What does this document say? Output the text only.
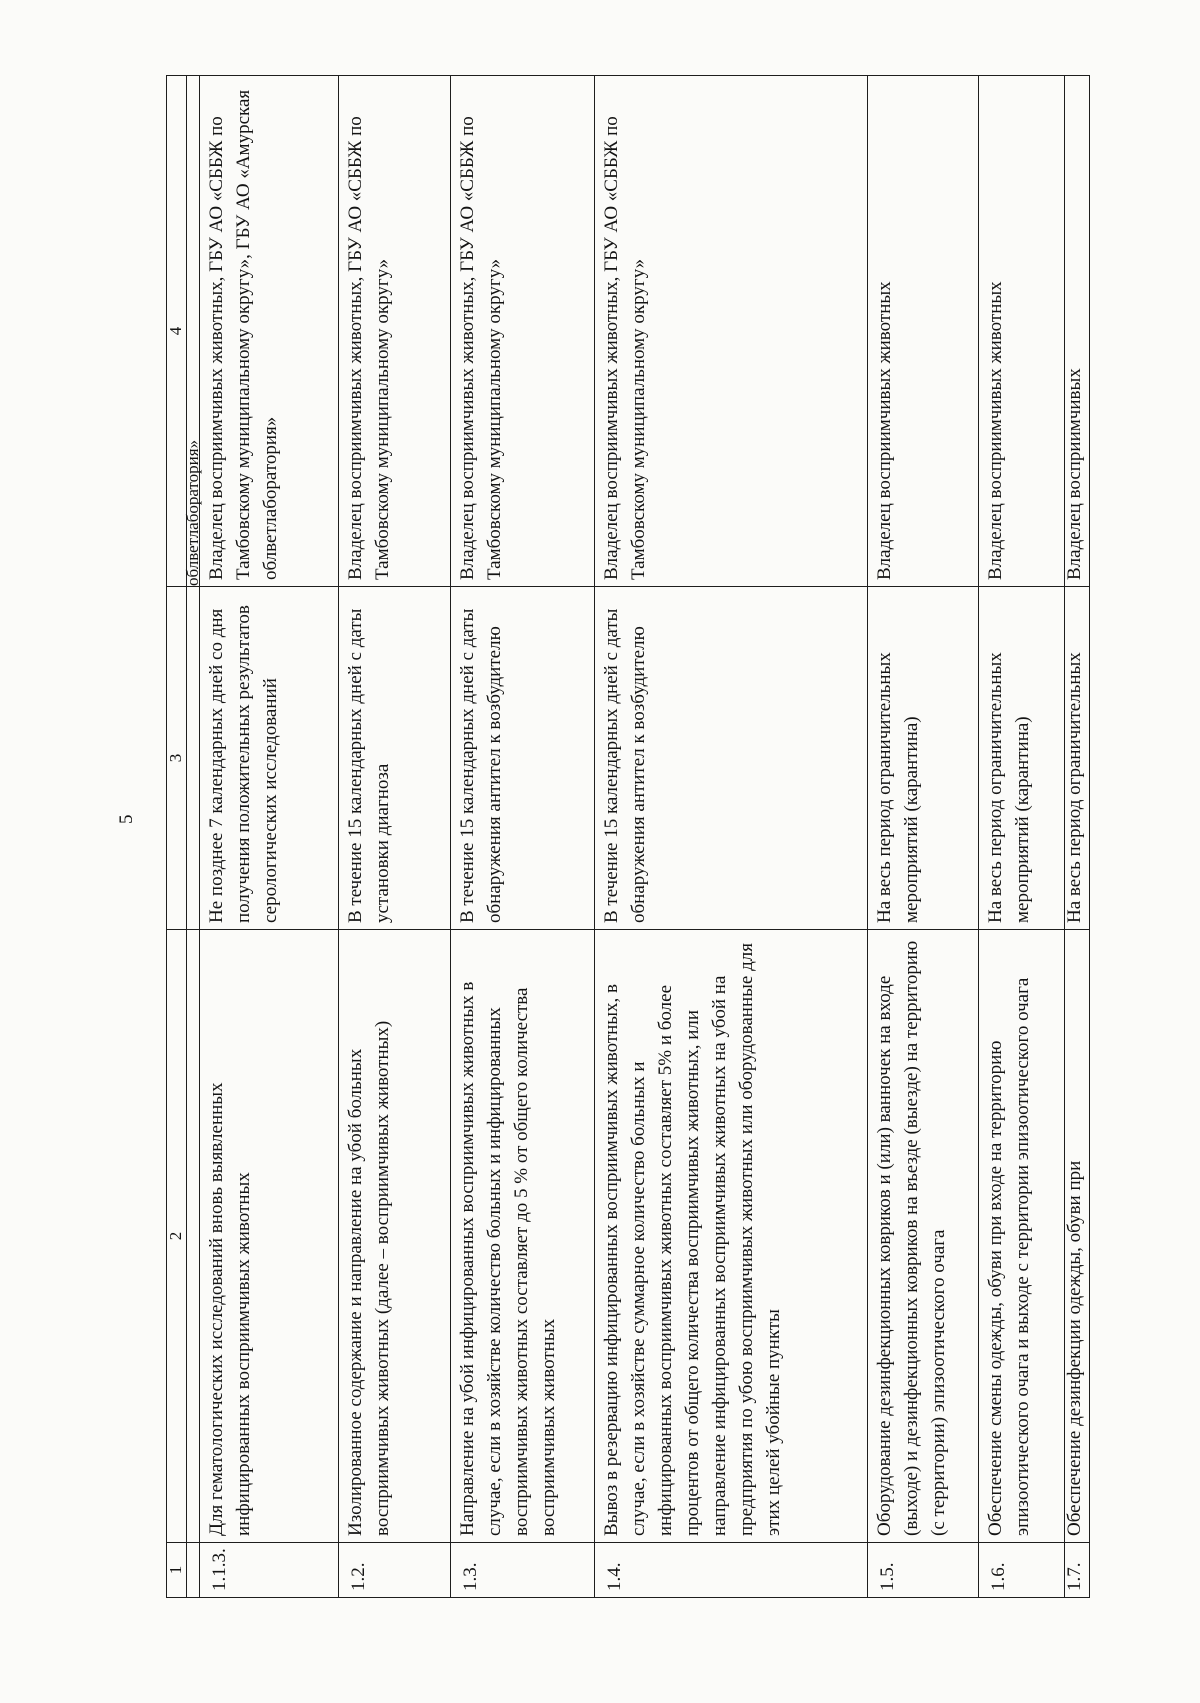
5
1	2	3	4
			облветлаборатория»
1.1.3.	Для гематологических исследований вновь выявленных инфицированных восприимчивых животных	Не позднее 7 календарных дней со дня получения положительных результатов серологических исследований	Владелец восприимчивых животных, ГБУ АО «СББЖ по Тамбовскому муниципальному округу», ГБУ АО «Амурская облветлаборатория»
1.2.	Изолированное содержание и направление на убой больных восприимчивых животных (далее – восприимчивых животных)	В течение 15 календарных дней с даты установки диагноза	Владелец восприимчивых животных, ГБУ АО «СББЖ по Тамбовскому муниципальному округу»
1.3.	Направление на убой инфицированных восприимчивых животных в случае, если в хозяйстве количество больных и инфицированных восприимчивых животных составляет до 5 % от общего количества восприимчивых животных	В течение 15 календарных дней с даты обнаружения антител к возбудителю	Владелец восприимчивых животных, ГБУ АО «СББЖ по Тамбовскому муниципальному округу»
1.4.	Вывоз в резервацию инфицированных восприимчивых животных, в случае, если в хозяйстве суммарное количество больных и инфицированных восприимчивых животных составляет 5% и более процентов от общего количества восприимчивых животных, или направление инфицированных восприимчивых животных на убой на предприятия по убою восприимчивых животных или оборудованные для этих целей убойные пункты	В течение 15 календарных дней с даты обнаружения антител к возбудителю	Владелец восприимчивых животных, ГБУ АО «СББЖ по Тамбовскому муниципальному округу»
1.5.	Оборудование дезинфекционных ковриков и (или) ванночек на входе (выходе) и дезинфекционных ковриков на въезде (выезде) на территорию (с территории) эпизоотического очага	На весь период ограничительных мероприятий (карантина)	Владелец восприимчивых животных
1.6.	Обеспечение смены одежды, обуви при входе на территорию эпизоотического очага и выходе с территории эпизоотического очага	На весь период ограничительных мероприятий (карантина)	Владелец восприимчивых животных
1.7.	Обеспечение дезинфекции одежды, обуви при	На весь период ограничительных	Владелец восприимчивых
